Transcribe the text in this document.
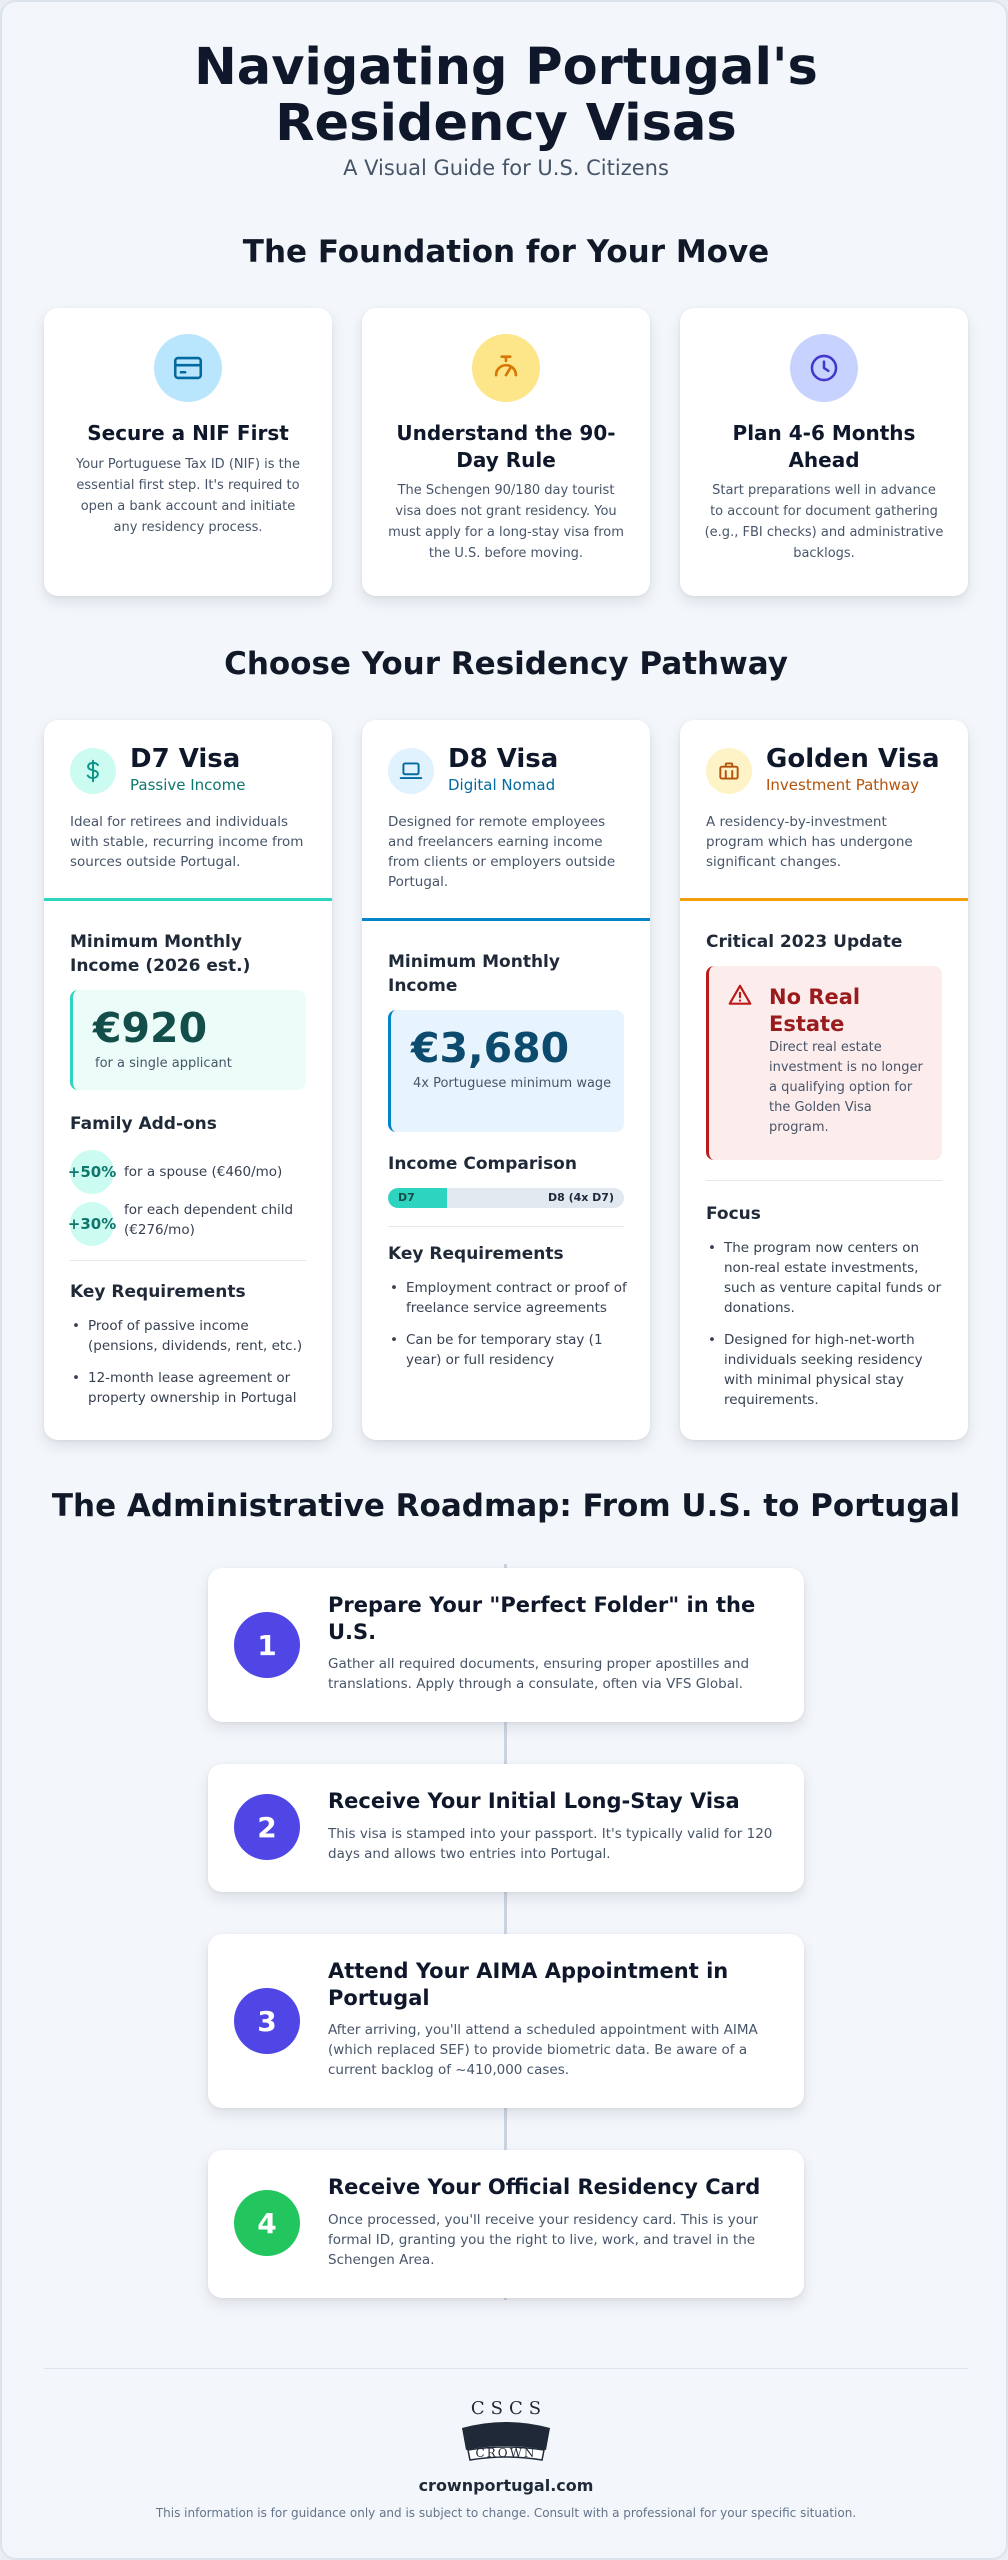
Navigating Portugal's Residency Visas
A Visual Guide for U.S. Citizens
The Foundation for Your Move
Secure a NIF First
Your Portuguese Tax ID (NIF) is the essential first step. It's required to open a bank account and initiate any residency process.
Understand the 90-Day Rule
The Schengen 90/180 day tourist visa does not grant residency. You must apply for a long-stay visa from the U.S. before moving.
Plan 4-6 Months Ahead
Start preparations well in advance to account for document gathering (e.g., FBI checks) and administrative backlogs.
Choose Your Residency Pathway
D7 Visa
Passive Income
Ideal for retirees and individuals with stable, recurring income from sources outside Portugal.
Minimum Monthly Income (2026 est.)
€920
for a single applicant
Family Add-ons
+50% for a spouse (€460/mo)
+30%
for each dependent child (€276/mo)
Key Requirements
• Proof of passive income (pensions, dividends, rent, etc.)
• 12-month lease agreement or property ownership in Portugal
D8 Visa
Digital Nomad
Designed for remote employees and freelancers earning income from clients or employers outside Portugal.
Minimum Monthly Income
€3,680
4x Portuguese minimum wage
Income Comparison
D7	D8 (4x D7)
Key Requirements
• Employment contract or proof of freelance service agreements
• Can be for temporary stay (1 year) or full residency
Golden Visa
Investment Pathway
A residency-by-investment program which has undergone significant changes.
Critical 2023 Update
No Real Estate
Direct real estate investment is no longer a qualifying option for the Golden Visa program.
Focus
• The program now centers on non-real estate investments, such as venture capital funds or donations.
• Designed for high-net-worth individuals seeking residency with minimal physical stay requirements.
The Administrative Roadmap: From U.S. to Portugal
1
Prepare Your "Perfect Folder" in the U.S.
Gather all required documents, ensuring proper apostilles and translations. Apply through a consulate, often via VFS Global.
2
Receive Your Initial Long-Stay Visa
This visa is stamped into your passport. It's typically valid for 120 days and allows two entries into Portugal.
3
Attend Your AIMA Appointment in Portugal
After arriving, you'll attend a scheduled appointment with AIMA (which replaced SEF) to provide biometric data. Be aware of a current backlog of ~410,000 cases.
4
Receive Your Official Residency Card
Once processed, you'll receive your residency card. This is your formal ID, granting you the right to live, work, and travel in the Schengen Area.
C S C S
CROWN
crownportugal.com
This information is for guidance only and is subject to change. Consult with a professional for your specific situation.
